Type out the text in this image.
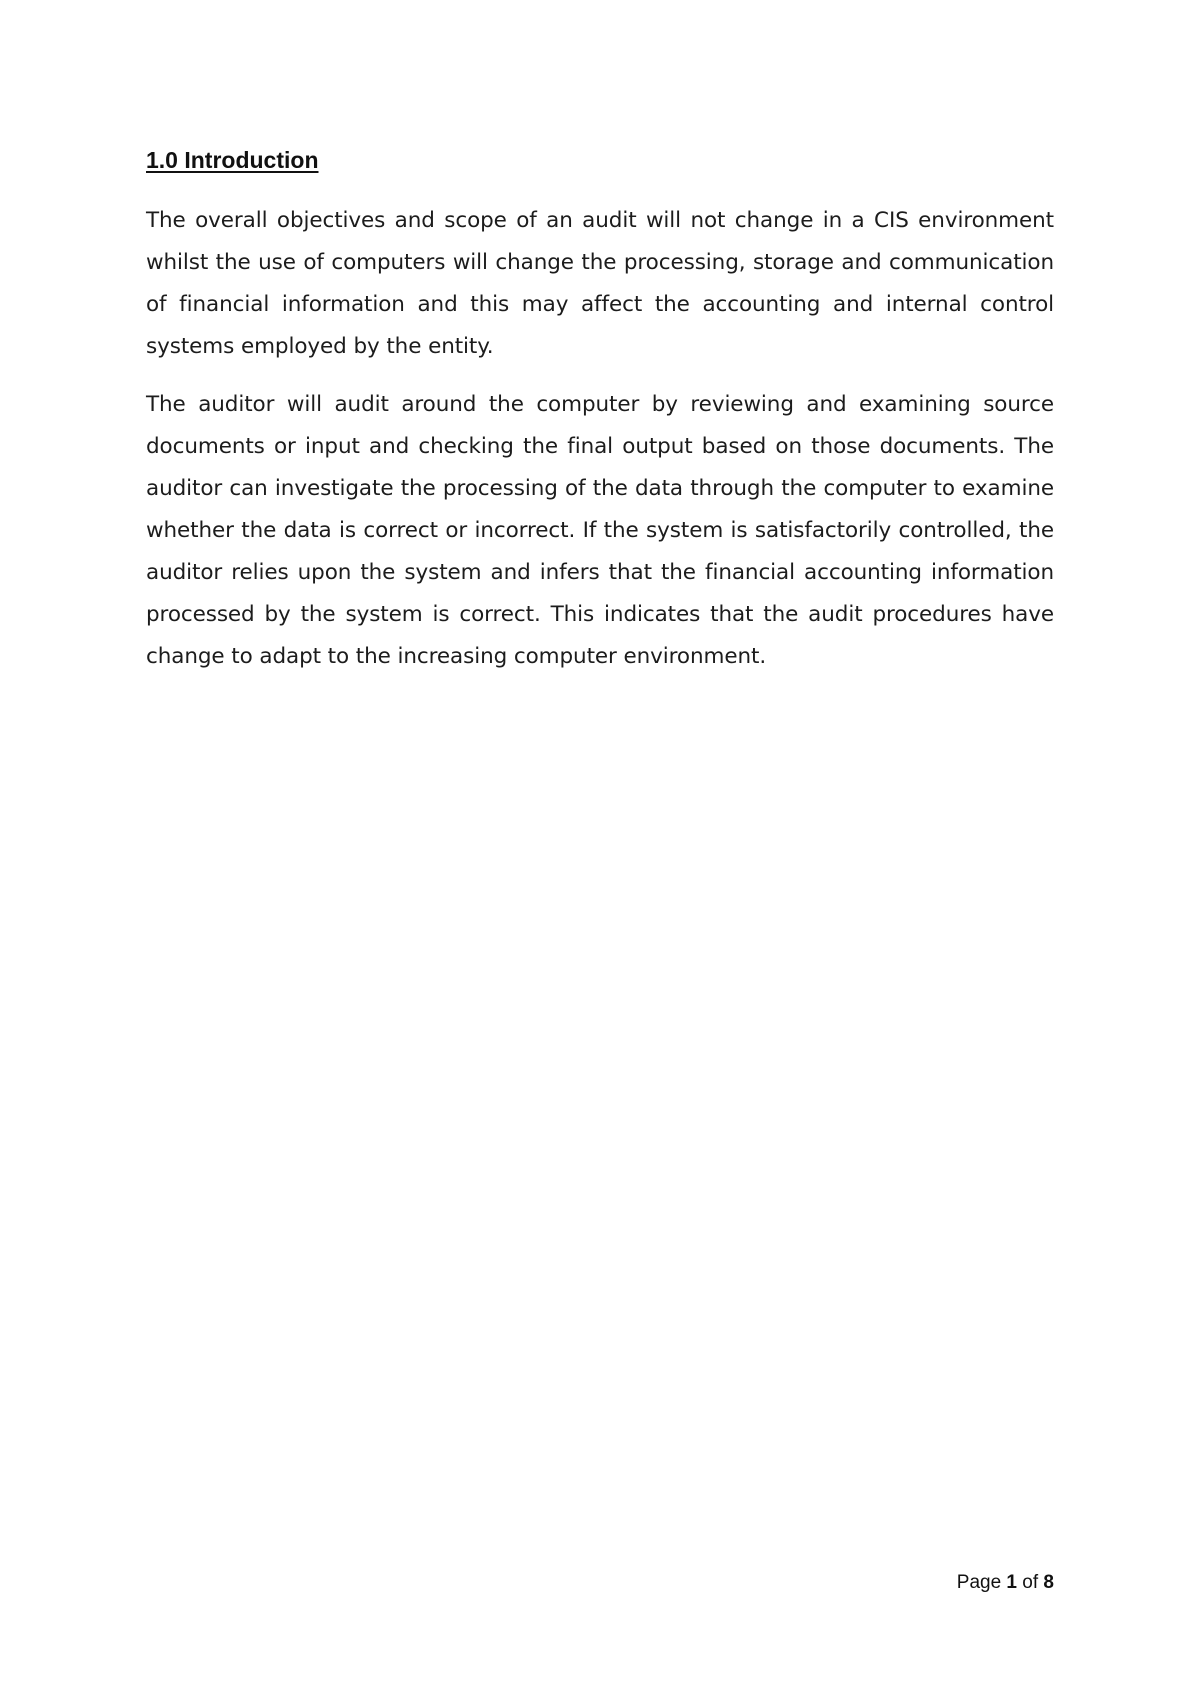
1.0 Introduction

The overall objectives and scope of an audit will not change in a CIS environment whilst the use of computers will change the processing, storage and communication of financial information and this may affect the accounting and internal control systems employed by the entity.

The auditor will audit around the computer by reviewing and examining source documents or input and checking the final output based on those documents. The auditor can investigate the processing of the data through the computer to examine whether the data is correct or incorrect. If the system is satisfactorily controlled, the auditor relies upon the system and infers that the financial accounting information processed by the system is correct. This indicates that the audit procedures have change to adapt to the increasing computer environment.

Page 1 of 8
